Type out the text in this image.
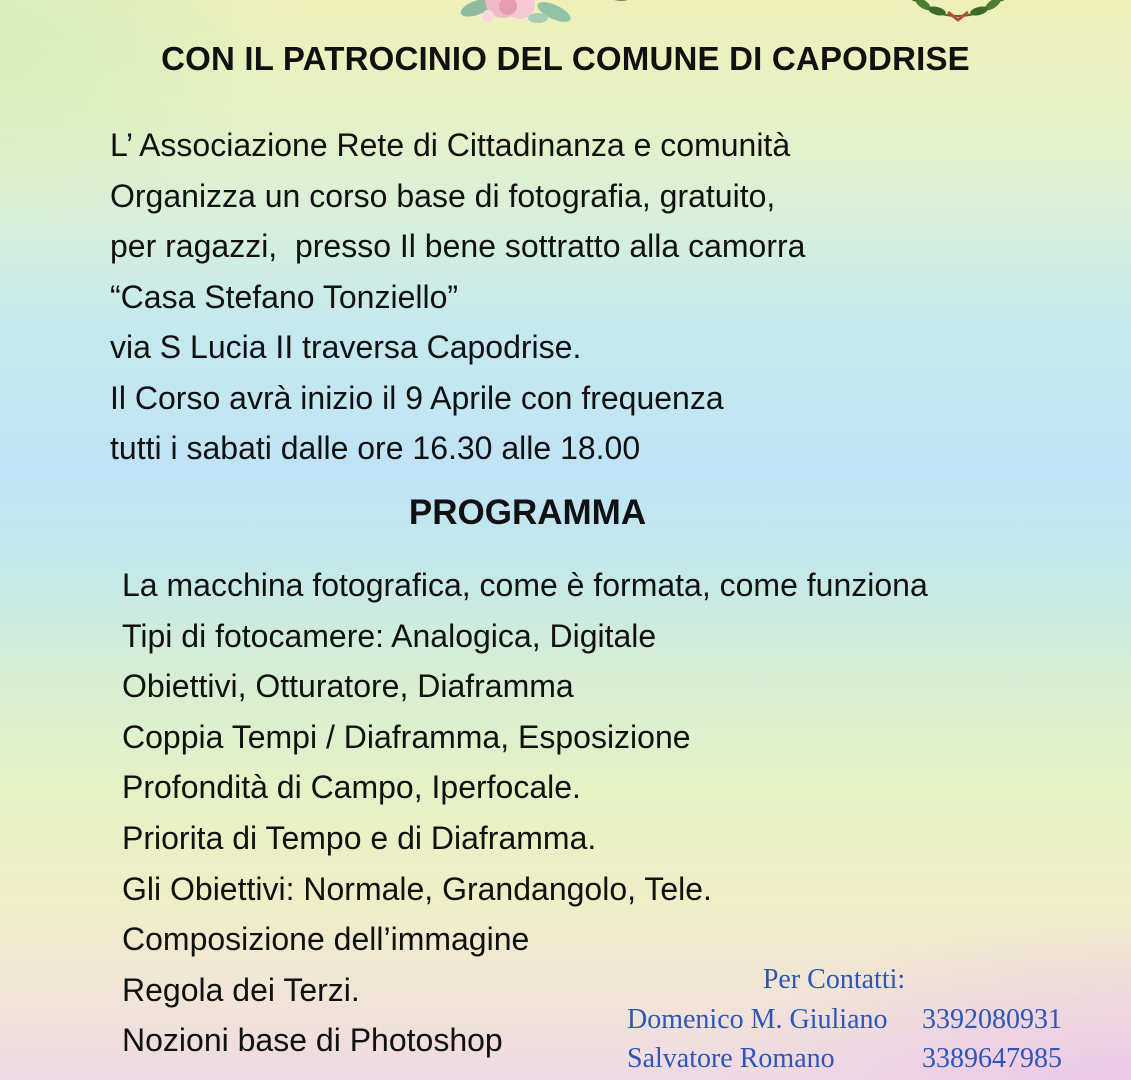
CON IL PATROCINIO DEL COMUNE DI CAPODRISE
L’ Associazione Rete di Cittadinanza e comunità
Organizza un corso base di fotografia, gratuito,
per ragazzi,  presso Il bene sottratto alla camorra
“Casa Stefano Tonziello”
via S Lucia II traversa Capodrise.
Il Corso avrà inizio il 9 Aprile con frequenza
tutti i sabati dalle ore 16.30 alle 18.00
PROGRAMMA
La macchina fotografica, come è formata, come funziona
Tipi di fotocamere: Analogica, Digitale
Obiettivi, Otturatore, Diaframma
Coppia Tempi / Diaframma, Esposizione
Profondità di Campo, Iperfocale.
Priorita di Tempo e di Diaframma.
Gli Obiettivi: Normale, Grandangolo, Tele.
Composizione dell’immagine
Regola dei Terzi.
Nozioni base di Photoshop
Per Contatti:
Domenico M. Giuliano 3392080931
Salvatore Romano	3389647985
